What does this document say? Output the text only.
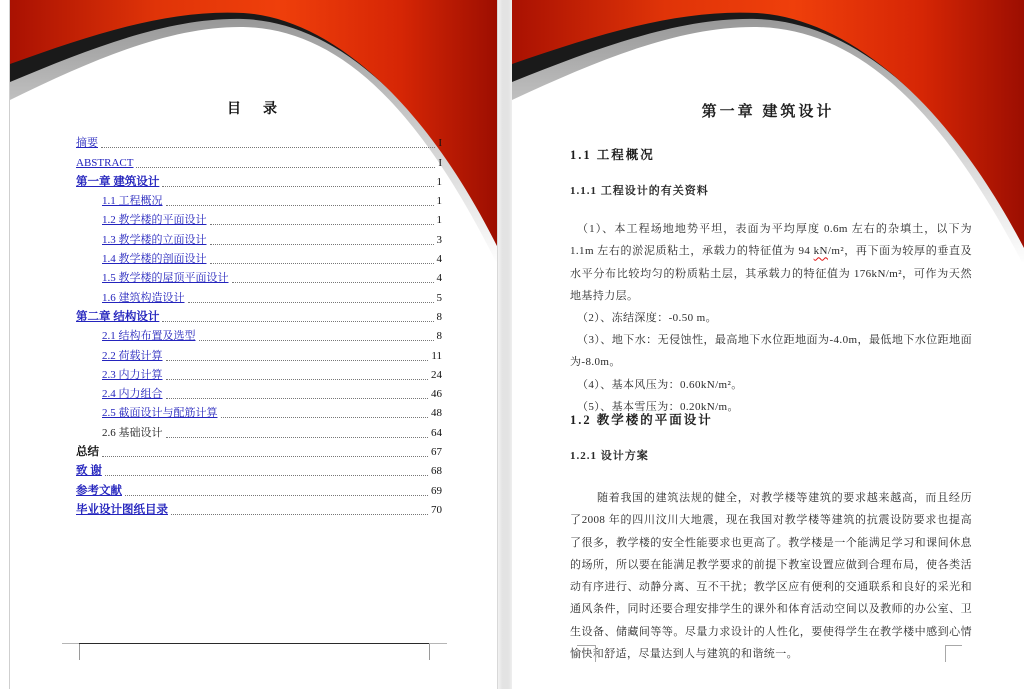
目　录
摘要	I
ABSTRACT	I
第一章 建筑设计	1
1.1 工程概况	1
1.2 教学楼的平面设计	1
1.3 教学楼的立面设计	3
1.4 教学楼的剖面设计	4
1.5 教学楼的屋顶平面设计	4
1.6 建筑构造设计	5
第二章 结构设计	8
2.1 结构布置及选型	8
2.2 荷载计算	11
2.3 内力计算	24
2.4 内力组合	46
2.5 截面设计与配筋计算	48
2.6 基础设计	64
总结	67
致 谢	68
参考文献	69
毕业设计图纸目录	70
第一章 建筑设计
1.1 工程概况
1.1.1 工程设计的有关资料

（1）、本工程场地地势平坦，表面为平均厚度 0.6m 左右的杂填土，以下为 1.1m 左右的淤泥质粘土，承载力的特征值为 94 kN/m²，再下面为较厚的垂直及水平分布比较均匀的粉质粘土层，其承载力的特征值为 176kN/m²，可作为天然地基持力层。

（2）、冻结深度：-0.50 m。

（3）、地下水：无侵蚀性，最高地下水位距地面为-4.0m，最低地下水位距地面为-8.0m。

（4）、基本风压为：0.60kN/m²。

（5）、基本雪压为：0.20kN/m。

1.2 教学楼的平面设计
1.2.1 设计方案

随着我国的建筑法规的健全，对教学楼等建筑的要求越来越高，而且经历了2008 年的四川汶川大地震，现在我国对教学楼等建筑的抗震设防要求也提高了很多，教学楼的安全性能要求也更高了。教学楼是一个能满足学习和课间休息的场所，所以要在能满足教学要求的前提下教室设置应做到合理布局，使各类活动有序进行、动静分离、互不干扰；教学区应有便利的交通联系和良好的采光和通风条件，同时还要合理安排学生的课外和体育活动空间以及教师的办公室、卫生设备、储藏间等等。尽量力求设计的人性化，要使得学生在教学楼中感到心情愉快和舒适，尽量达到人与建筑的和谐统一。
